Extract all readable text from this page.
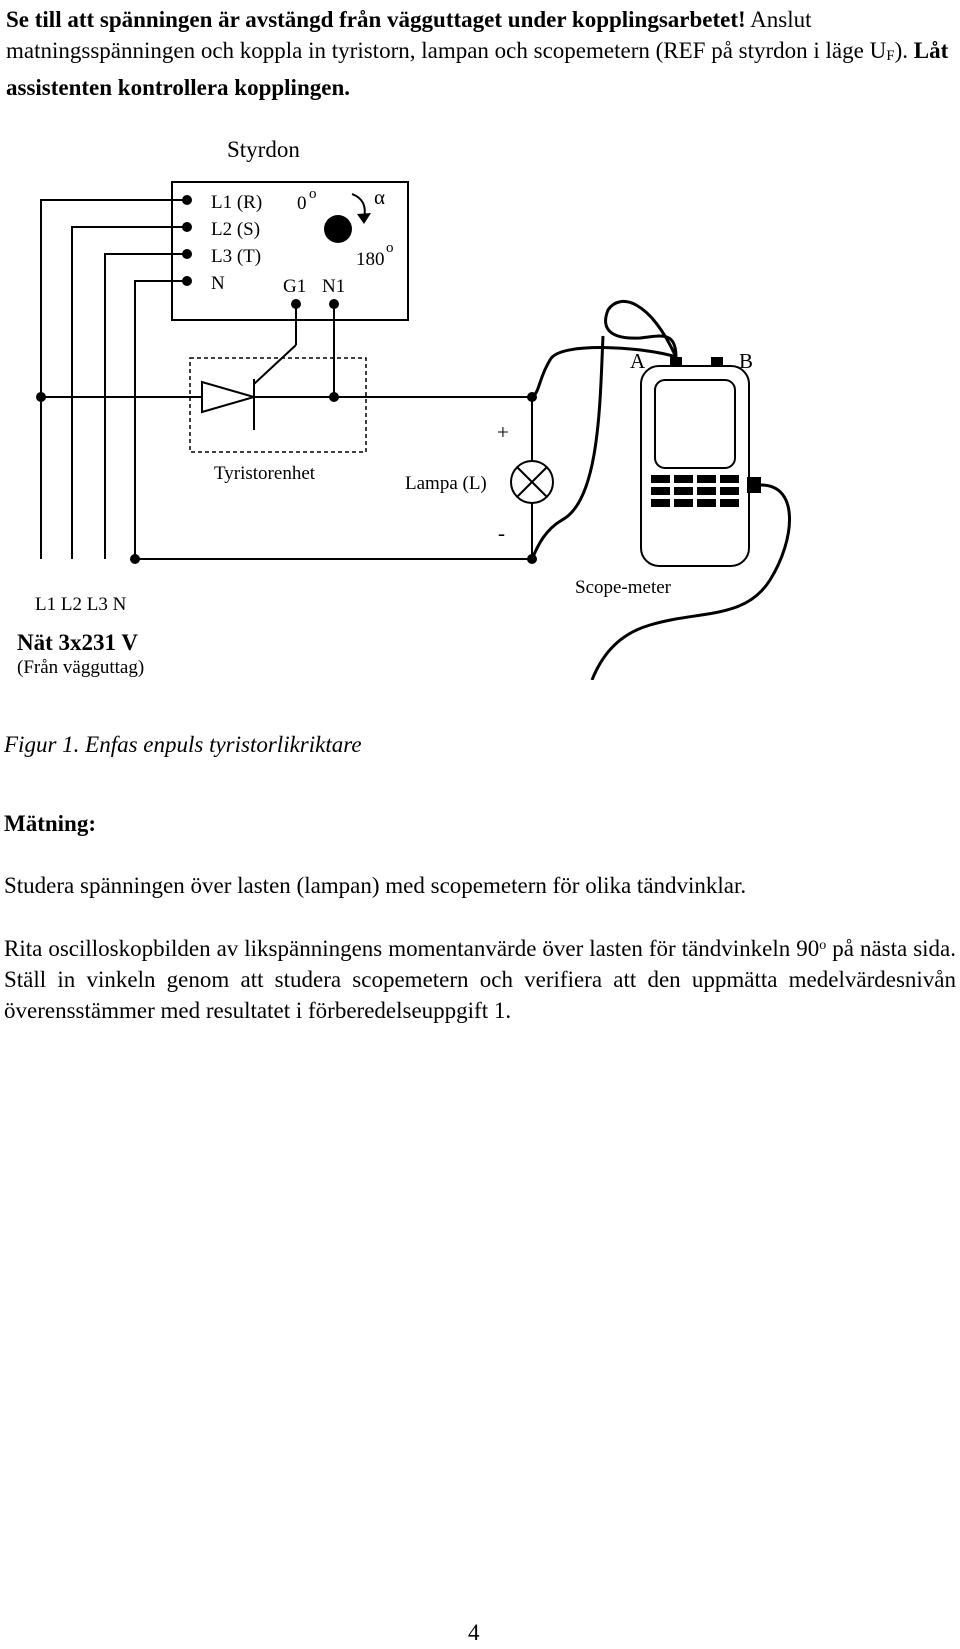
Se till att spänningen är avstängd från vägguttaget under kopplingsarbetet! Anslut matningsspänningen och koppla in tyristorn, lampan och scopemetern (REF på styrdon i läge $U_F$). Låt assistenten kontrollera kopplingen.

Styrdon
L1 (R)
L2 (S)
L3 (T)
N
0 o	α
180
o
G1 N1
Tyristorenhet
+
Lampa (L)
-
L1 L2 L3 N
Nät 3x231 V
(Från vägguttag)
A	B
Scope-meter

Figur 1. Enfas enpuls tyristorlikriktare

Mätning:

Studera spänningen över lasten (lampan) med scopemetern för olika tändvinklar.

Rita oscilloskopbilden av likspänningens momentanvärde över lasten för tändvinkeln 90$^o$ på nästa sida. Ställ in vinkeln genom att studera scopemetern och verifiera att den uppmätta medelvärdesnivån överensstämmer med resultatet i förberedelseuppgift 1.

4
